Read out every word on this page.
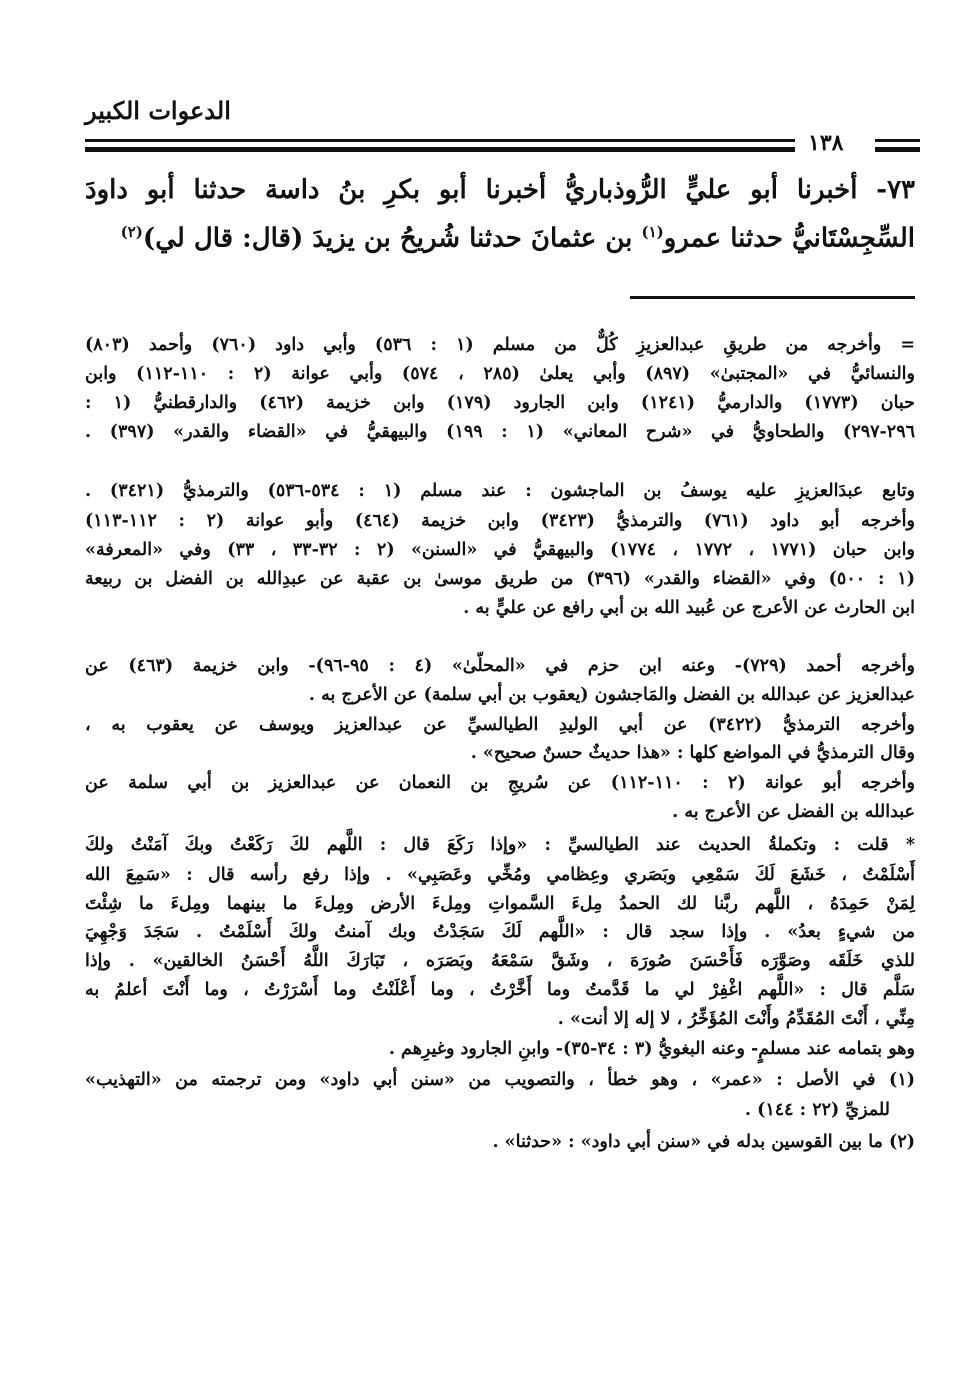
الدعوات الكبير
١٣٨
٧٣- أخبرنا أبو عليٍّ الرُّوذباريُّ أخبرنا أبو بكرِ بنُ داسة حدثنا أبو داودَ
السِّجِسْتَانيُّ حدثنا عمرو$^{(١)}$ بن عثمانَ حدثنا شُريحُ بن يزيدَ (قال: قال لي)$^{(٢)}$
= وأخرجه من طريقِ عبدالعزيزِ كُلٌّ من مسلم (١ : ٥٣٦) وأبي داود (٧٦٠) وأحمد (٨٠٣)
والنسائيُّ في «المجتبىٰ» (٨٩٧) وأبي يعلىٰ (٢٨٥ ، ٥٧٤) وأبي عوانة (٢ : ١١٠-١١٢) وابن
حبان (١٧٧٣) والدارميُّ (١٢٤١) وابن الجارود (١٧٩) وابن خزيمة (٤٦٢) والدارقطنيُّ (١ :
٢٩٦-٢٩٧) والطحاويُّ في «شرح المعاني» (١ : ١٩٩) والبيهقيُّ في «القضاء والقدر» (٣٩٧) .
وتابع عبدَالعزيزِ عليه يوسفُ بن الماجشون : عند مسلم (١ : ٥٣٤-٥٣٦) والترمذيُّ (٣٤٢١) .
وأخرجه أبو داود (٧٦١) والترمذيُّ (٣٤٢٣) وابن خزيمة (٤٦٤) وأبو عوانة (٢ : ١١٢-١١٣)
وابن حبان (١٧٧١ ، ١٧٧٢ ، ١٧٧٤) والبيهقيُّ في «السنن» (٢ : ٣٢-٣٣ ، ٣٣) وفي «المعرفة»
(١ : ٥٠٠) وفي «القضاء والقدر» (٣٩٦) من طريق موسىٰ بن عقبة عن عبدِالله بن الفضل بن ربيعة
ابن الحارث عن الأعرج عن عُبيد الله بن أبي رافع عن عليٍّ به .
وأخرجه أحمد (٧٢٩)- وعنه ابن حزم في «المحلّىٰ» (٤ : ٩٥-٩٦)- وابن خزيمة (٤٦٣) عن
عبدالعزيز عن عبدالله بن الفضل والمَاجشون (يعقوب بن أبي سلمة) عن الأعرج به .
وأخرجه الترمذيُّ (٣٤٢٢) عن أبي الوليدِ الطيالسيِّ عن عبدالعزيز ويوسف عن يعقوب به ،
وقال الترمذيُّ في المواضع كلها : «هذا حديثٌ حسنٌ صحيح» .
وأخرجه أبو عوانة (٢ : ١١٠-١١٢) عن سُريجِ بن النعمان عن عبدالعزيز بن أبي سلمة عن
عبدالله بن الفضل عن الأعرج به .
* قلت : وتكملةُ الحديث عند الطيالسيِّ : «وإذا رَكَعَ قال : اللَّهم لكَ رَكَعْتُ وبكَ آمَنْتُ ولكَ
أَسْلَمْتُ ، خَشَعَ لَكَ سَمْعِي وبَصَري وعِظامي ومُخِّي وعَصَبِي» . وإذا رفع رأسه قال : «سَمِعَ الله
لِمَنْ حَمِدَهُ ، اللَّهم ربَّنا لك الحمدُ مِلءَ السَّمواتِ ومِلءَ الأرض ومِلءَ ما بينهما ومِلءَ ما شِئْتَ
من شيءٍ بعدُ» . وإذا سجد قال : «اللَّهم لَكَ سَجَدْتُ وبك آمنتُ ولكَ أَسْلَمْتُ . سَجَدَ وَجْهِيَ
للذي خَلَقَه وصَوَّرَه فَأَحْسَنَ صُورَهَ ، وشَقَّ سَمْعَهُ وبَصَرَه ، تَبَارَكَ اللَّهُ أَحْسَنُ الخالقين» . وإذا
سَلَّم قال : «اللَّهم اغْفِرْ لي ما قَدَّمتُ وما أَخَّرْتُ ، وما أَعْلَنْتُ وما أَسْرَرْتُ ، وما أَنْتَ أعلمُ به
مِنِّي ، أَنْتَ المُقَدِّمُ وأَنْتَ المُؤَخِّرُ ، لا إله إلا أنت» .
وهو بتمامه عند مسلمٍ- وعنه البغويُّ (٣ : ٣٤-٣٥)- وابنِ الجارود وغيرِهم .
(١) في الأصل : «عمر» ، وهو خطأ ، والتصويب من «سنن أبي داود» ومن ترجمته من «التهذيب»
للمزيِّ (٢٢ : ١٤٤) .
(٢) ما بين القوسين بدله في «سنن أبي داود» : «حدثنا» .
